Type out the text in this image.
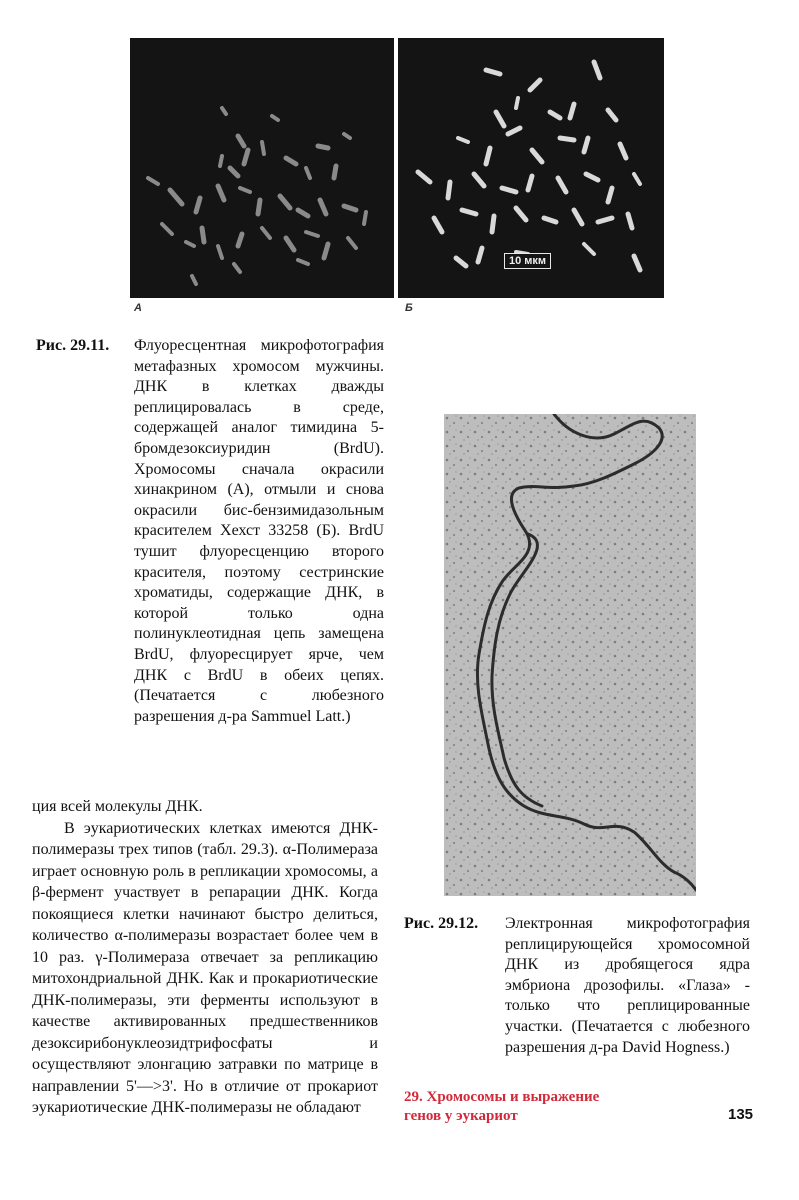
10 мкм
А	Б
Рис. 29.11. Флуоресцентная микрофотография метафазных хромосом мужчины. ДНК в клетках дважды реплицировалась в среде, содержащей аналог тимидина 5-бромдезоксиуридин (BrdU). Хромосомы сначала окрасили хинакрином (А), отмыли и снова окрасили бис-бензимидазольным красителем Хехст 33258 (Б). BrdU тушит флуоресценцию второго красителя, поэтому сестринские хроматиды, содержащие ДНК, в которой только одна полинуклеотидная цепь замещена BrdU, флуоресцирует ярче, чем ДНК с BrdU в обеих цепях. (Печатается с любезного разрешения д-ра Sammuel Latt.)
Рис. 29.12. Электронная микрофотография реплицирующейся хромосомной ДНК из дробящегося ядра эмбриона дрозофилы. «Глаза» - только что реплицированные участки. (Печатается с любезного разрешения д-ра David Hogness.)

ция всей молекулы ДНК.

В эукариотических клетках имеются ДНК-полимеразы трех типов (табл. 29.3). α-Полимераза играет основную роль в репликации хромосомы, а β-фермент участвует в репарации ДНК. Когда покоящиеся клетки начинают быстро делиться, количество α-полимеразы возрастает более чем в 10 раз. γ-Полимераза отвечает за репликацию митохондриальной ДНК. Как и прокариотические ДНК-полимеразы, эти ферменты используют в качестве активированных предшественников дезоксирибонуклеозидтрифосфаты и осуществляют элонгацию затравки по матрице в направлении 5'—>3'. Но в отличие от прокариот эукариотические ДНК-полимеразы не обладают

29. Хромосомы и выражение
генов у эукариот	135
